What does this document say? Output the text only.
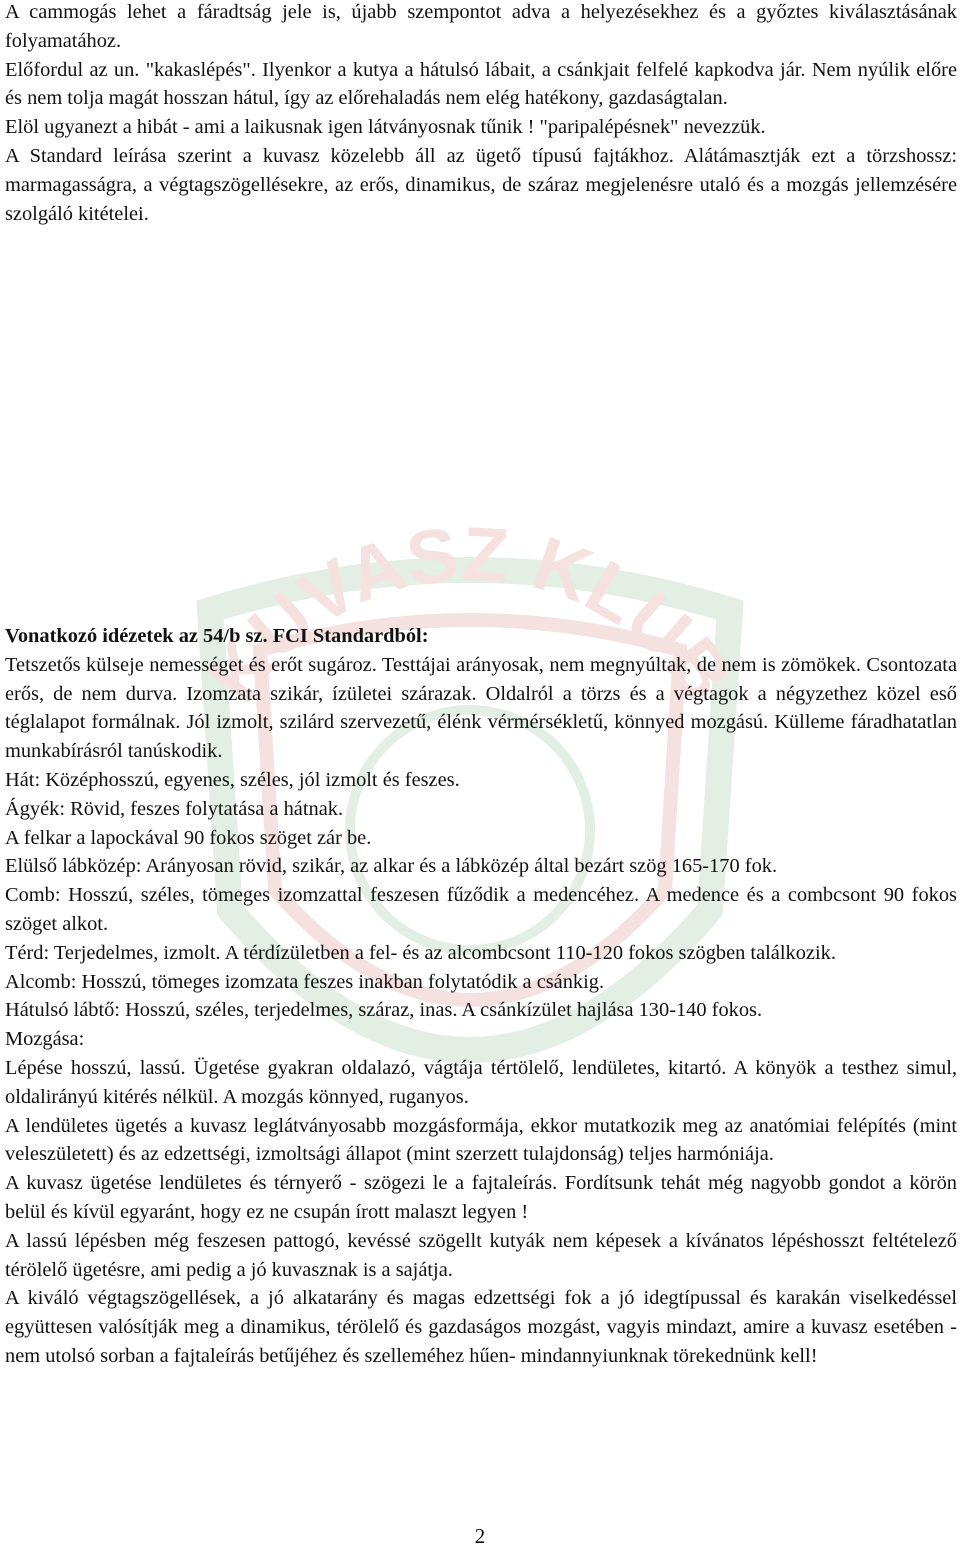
KUVASZ KLUB

A cammogás lehet a fáradtság jele is, újabb szempontot adva a helyezésekhez és a győztes kiválasztásának folyamatához.

Előfordul az un. "kakaslépés". Ilyenkor a kutya a hátulsó lábait, a csánkjait felfelé kapkodva jár. Nem nyúlik előre és nem tolja magát hosszan hátul, így az előrehaladás nem elég hatékony, gazdaságtalan.

Elöl ugyanezt a hibát - ami a laikusnak igen látványosnak tűnik ! "paripalépésnek" nevezzük.

A Standard leírása szerint a kuvasz közelebb áll az ügető típusú fajtákhoz. Alátámasztják ezt a törzshossz: marmagasságra, a végtagszögellésekre, az erős, dinamikus, de száraz megjelenésre utaló és a mozgás jellemzésére szolgáló kitételei.

Vonatkozó idézetek az 54/b sz. FCI Standardból:

Tetszetős külseje nemességet és erőt sugároz. Testtájai arányosak, nem megnyúltak, de nem is zömökek. Csontozata erős, de nem durva. Izomzata szikár, ízületei szárazak. Oldalról a törzs és a végtagok a négyzethez közel eső téglalapot formálnak. Jól izmolt, szilárd szervezetű, élénk vérmérsékletű, könnyed mozgású. Külleme fáradhatatlan munkabírásról tanúskodik.

Hát: Középhosszú, egyenes, széles, jól izmolt és feszes.

Ágyék: Rövid, feszes folytatása a hátnak.

A felkar a lapockával 90 fokos szöget zár be.

Elülső lábközép: Arányosan rövid, szikár, az alkar és a lábközép által bezárt szög 165-170 fok.

Comb: Hosszú, széles, tömeges izomzattal feszesen fűződik a medencéhez. A medence és a combcsont 90 fokos szöget alkot.

Térd: Terjedelmes, izmolt. A térdízületben a fel- és az alcombcsont 110-120 fokos szögben találkozik.

Alcomb: Hosszú, tömeges izomzata feszes inakban folytatódik a csánkig.

Hátulsó lábtő: Hosszú, széles, terjedelmes, száraz, inas. A csánkízület hajlása 130-140 fokos.

Mozgása:

Lépése hosszú, lassú. Ügetése gyakran oldalazó, vágtája tértölelő, lendületes, kitartó. A könyök a testhez simul, oldalirányú kitérés nélkül. A mozgás könnyed, ruganyos.

A lendületes ügetés a kuvasz leglátványosabb mozgásformája, ekkor mutatkozik meg az anatómiai felépítés (mint veleszületett) és az edzettségi, izmoltsági állapot (mint szerzett tulajdonság) teljes harmóniája.

A kuvasz ügetése lendületes és térnyerő - szögezi le a fajtaleírás. Fordítsunk tehát még nagyobb gondot a körön belül és kívül egyaránt, hogy ez ne csupán írott malaszt legyen !

A lassú lépésben még feszesen pattogó, kevéssé szögellt kutyák nem képesek a kívánatos lépéshosszt feltételező térölelő ügetésre, ami pedig a jó kuvasznak is a sajátja.

A kiváló végtagszögellések, a jó alkatarány és magas edzettségi fok a jó idegtípussal és karakán viselkedéssel együttesen valósítják meg a dinamikus, térölelő és gazdaságos mozgást, vagyis mindazt, amire a kuvasz esetében - nem utolsó sorban a fajtaleírás betűjéhez és szelleméhez hűen- mindannyiunknak törekednünk kell!

2
